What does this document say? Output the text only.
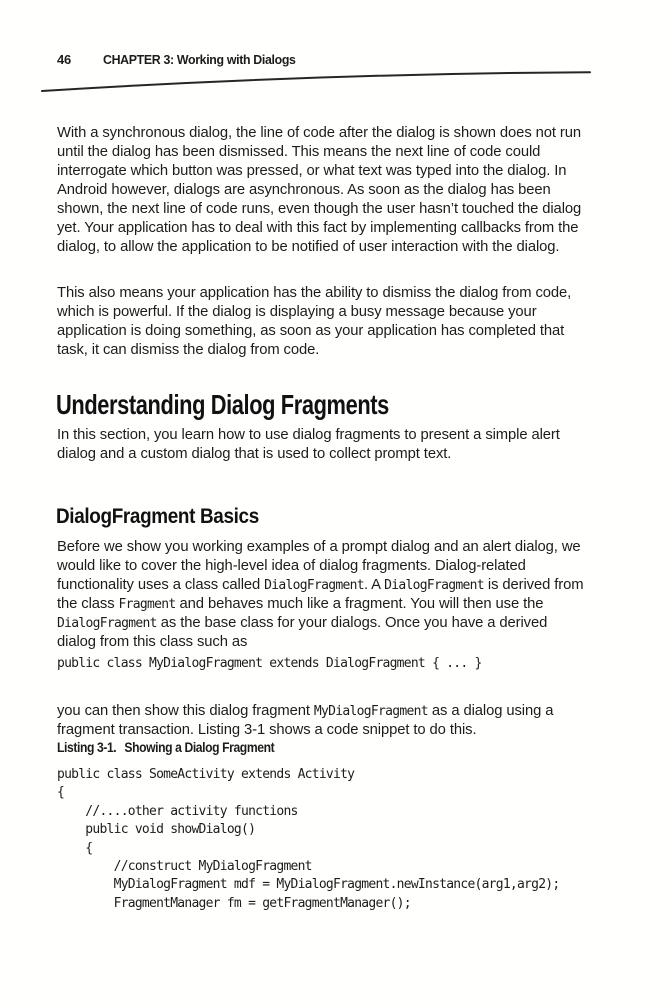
46 CHAPTER 3: Working with Dialogs

With a synchronous dialog, the line of code after the dialog is shown does not run until the dialog has been dismissed. This means the next line of code could interrogate which button was pressed, or what text was typed into the dialog. In Android however, dialogs are asynchronous. As soon as the dialog has been shown, the next line of code runs, even though the user hasn’t touched the dialog yet. Your application has to deal with this fact by implementing callbacks from the dialog, to allow the application to be notified of user interaction with the dialog.

This also means your application has the ability to dismiss the dialog from code, which is powerful. If the dialog is displaying a busy message because your application is doing something, as soon as your application has completed that task, it can dismiss the dialog from code.

Understanding Dialog Fragments

In this section, you learn how to use dialog fragments to present a simple alert dialog and a custom dialog that is used to collect prompt text.

DialogFragment Basics

Before we show you working examples of a prompt dialog and an alert dialog, we would like to cover the high-level idea of dialog fragments. Dialog-related functionality uses a class called DialogFragment. A DialogFragment is derived from the class Fragment and behaves much like a fragment. You will then use the DialogFragment as the base class for your dialogs. Once you have a derived dialog from this class such as

public class MyDialogFragment extends DialogFragment { ... }

you can then show this dialog fragment MyDialogFragment as a dialog using a fragment transaction. Listing 3-1 shows a code snippet to do this.

Listing 3-1. Showing a Dialog Fragment
public class SomeActivity extends Activity
{
//....other activity functions
public void showDialog()
{
//construct MyDialogFragment
MyDialogFragment mdf = MyDialogFragment.newInstance(arg1,arg2);
FragmentManager fm = getFragmentManager();
